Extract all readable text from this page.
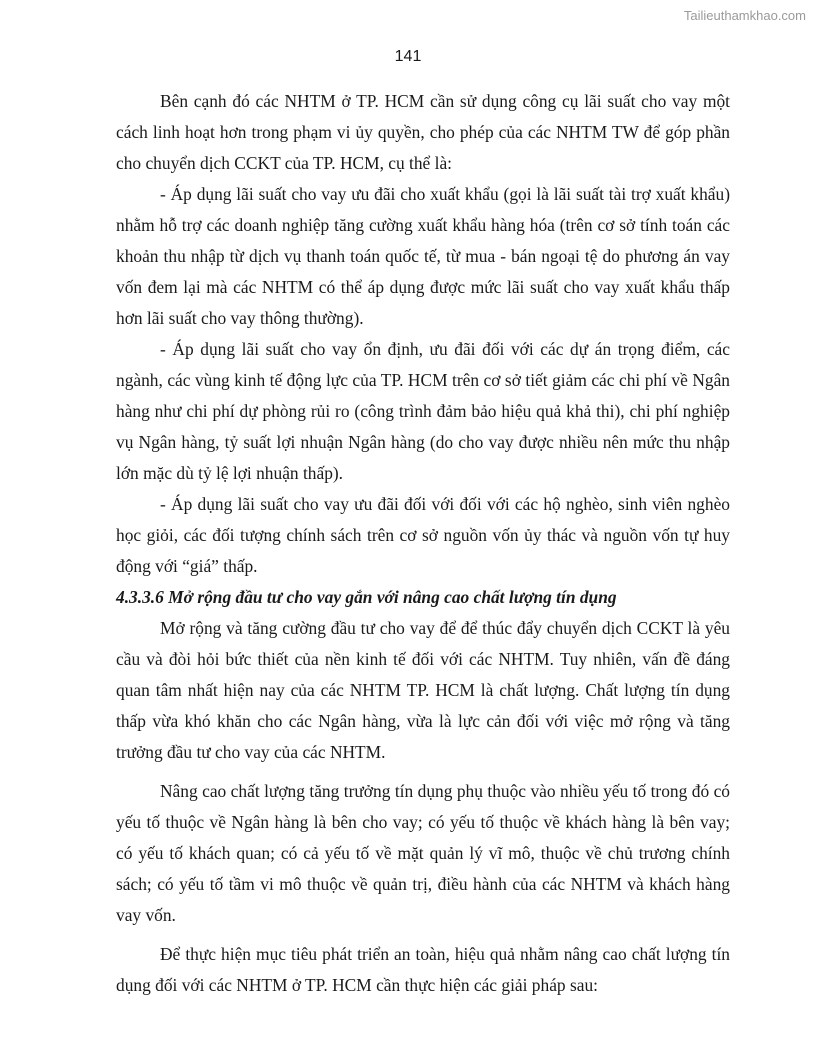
Tailieuthamkhao.com
141

Bên cạnh đó các NHTM ở TP. HCM cần sử dụng công cụ lãi suất cho vay một cách linh hoạt hơn trong phạm vi ủy quyền, cho phép của các NHTM TW để góp phần cho chuyển dịch CCKT của TP. HCM, cụ thể là:

- Áp dụng lãi suất cho vay ưu đãi cho xuất khẩu (gọi là lãi suất tài trợ xuất khẩu) nhằm hỗ trợ các doanh nghiệp tăng cường xuất khẩu hàng hóa (trên cơ sở tính toán các khoản thu nhập từ dịch vụ thanh toán quốc tế, từ mua - bán ngoại tệ do phương án vay vốn đem lại mà các NHTM có thể áp dụng được mức lãi suất cho vay xuất khẩu thấp hơn lãi suất cho vay thông thường).

- Áp dụng lãi suất cho vay ổn định, ưu đãi đối với các dự án trọng điểm, các ngành, các vùng kinh tế động lực của TP. HCM trên cơ sở tiết giảm các chi phí về Ngân hàng như chi phí dự phòng rủi ro (công trình đảm bảo hiệu quả khả thi), chi phí nghiệp vụ Ngân hàng, tỷ suất lợi nhuận Ngân hàng (do cho vay được nhiều nên mức thu nhập lớn mặc dù tỷ lệ lợi nhuận thấp).

- Áp dụng lãi suất cho vay ưu đãi đối với đối với các hộ nghèo, sinh viên nghèo học giỏi, các đối tượng chính sách trên cơ sở nguồn vốn ủy thác và nguồn vốn tự huy động với “giá” thấp.

4.3.3.6 Mở rộng đầu tư cho vay gắn với nâng cao chất lượng tín dụng

Mở rộng và tăng cường đầu tư cho vay để để thúc đẩy chuyển dịch CCKT là yêu cầu và đòi hỏi bức thiết của nền kinh tế đối với các NHTM. Tuy nhiên, vấn đề đáng quan tâm nhất hiện nay của các NHTM TP. HCM là chất lượng. Chất lượng tín dụng thấp vừa khó khăn cho các Ngân hàng, vừa là lực cản đối với việc mở rộng và tăng trưởng đầu tư cho vay của các NHTM.

Nâng cao chất lượng tăng trưởng tín dụng phụ thuộc vào nhiều yếu tố trong đó có yếu tố thuộc về Ngân hàng là bên cho vay; có yếu tố thuộc về khách hàng là bên vay; có yếu tố khách quan; có cả yếu tố về mặt quản lý vĩ mô, thuộc về chủ trương chính sách; có yếu tố tầm vi mô thuộc về quản trị, điều hành của các NHTM và khách hàng vay vốn.

Để thực hiện mục tiêu phát triển an toàn, hiệu quả nhằm nâng cao chất lượng tín dụng đối với các NHTM ở TP. HCM cần thực hiện các giải pháp sau:
